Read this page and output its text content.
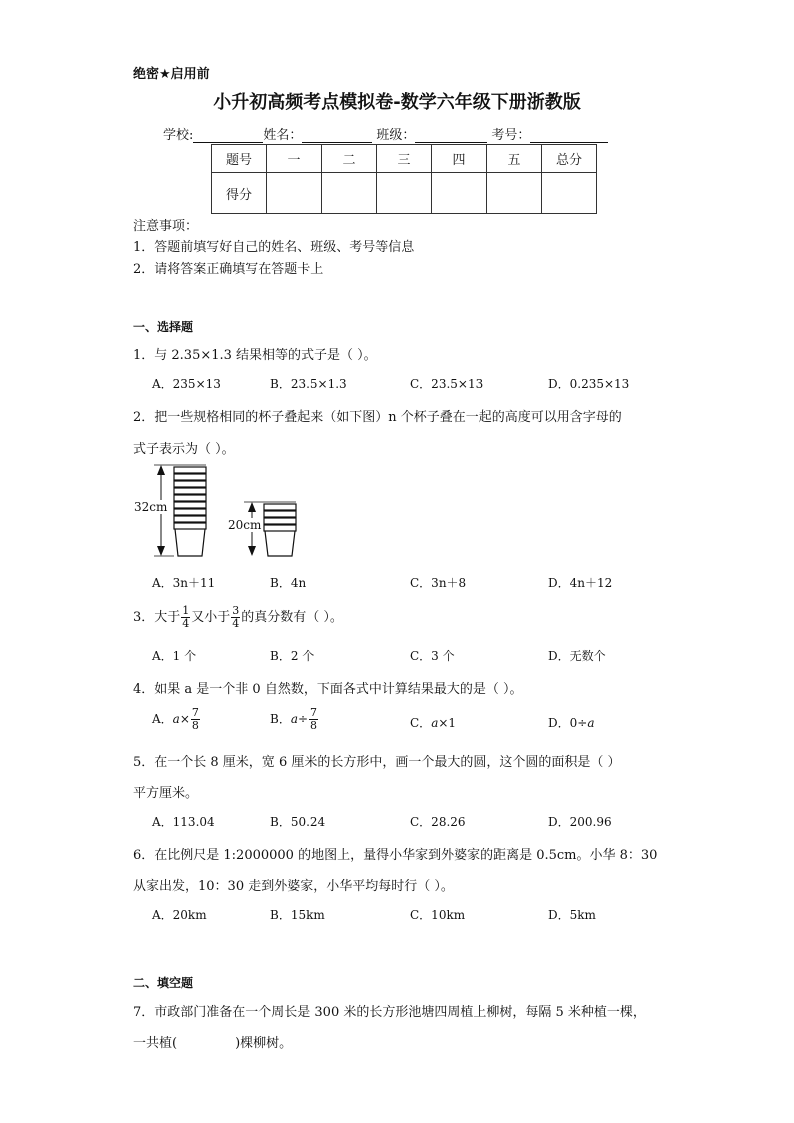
绝密★启用前
小升初高频考点模拟卷-数学六年级下册浙教版
学校:	姓名：	班级：	考号：
题号	一	二	三	四	五	总分
得分						
注意事项：
1．答题前填写好自己的姓名、班级、考号等信息
2．请将答案正确填写在答题卡上
一、选择题
1．与 2.35×1.3 结果相等的式子是（ ）。
A．235×13	B．23.5×1.3	C．23.5×13	D．0.235×13
2．把一些规格相同的杯子叠起来（如下图）n 个杯子叠在一起的高度可以用含字母的
式子表示为（ ）。
32cm
20cm
A．3n＋11	B．4n	C．3n＋8	D．4n＋12
3．大于 $\frac{1}{4}$ 又小于 $\frac{3}{4}$ 的真分数有（ ）。
A．1 个	B．2 个	C．3 个	D．无数个
4．如果 a 是一个非 0 自然数，下面各式中计算结果最大的是（ ）。
A．$a\times \frac{7}{8}$	B．$a\div \frac{7}{8}$	C．a×1	D．0÷a
5．在一个长 8 厘米，宽 6 厘米的长方形中，画一个最大的圆，这个圆的面积是（ ）
平方厘米。
A．113.04	B．50.24	C．28.26	D．200.96
6．在比例尺是 1:2000000 的地图上，量得小华家到外婆家的距离是 0.5cm。小华 8：30
从家出发，10：30 走到外婆家，小华平均每时行（ ）。
A．20km	B．15km	C．10km	D．5km
二、填空题
7．市政部门准备在一个周长是 300 米的长方形池塘四周植上柳树，每隔 5 米种植一棵，
一共植(	)棵柳树。
